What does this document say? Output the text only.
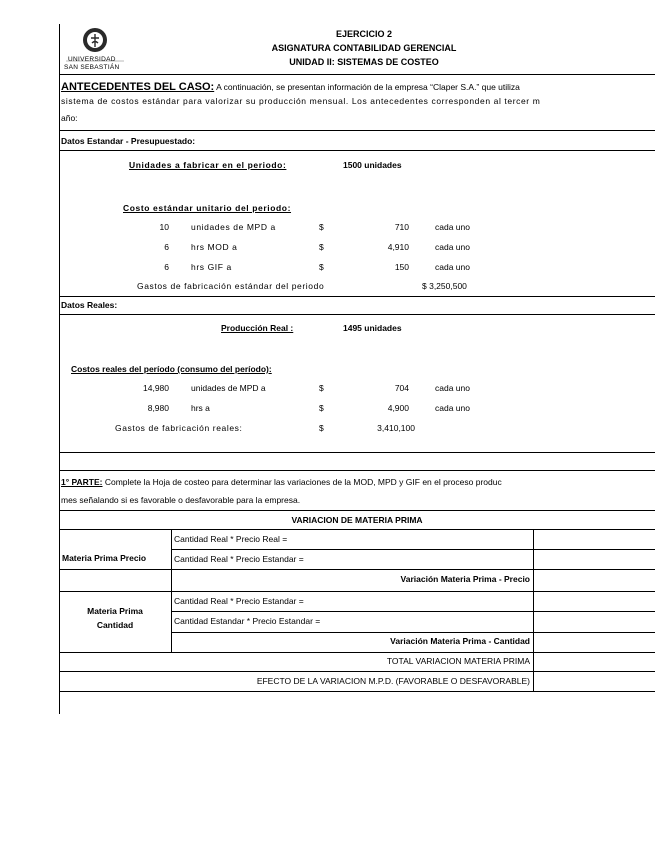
UNIVERSIDAD
SAN SEBASTIÁN
EJERCICIO 2
ASIGNATURA CONTABILIDAD GERENCIAL
UNIDAD II: SISTEMAS DE COSTEO
ANTECEDENTES DEL CASO: A continuación, se presentan información de la empresa “Claper S.A.” que utiliza
sistema de costos estándar para valorizar su producción mensual. Los antecedentes corresponden al tercer m
año:
Datos Estandar - Presupuestado:
Unidades a fabricar en el periodo:	1500 unidades
Costo estándar unitario del periodo:
10	unidades de MPD a	$	710	cada uno
6	hrs MOD a	$	4,910	cada uno
6	hrs GIF a	$	150	cada uno
Gastos de fabricación estándar del periodo	$ 3,250,500
Datos Reales:
Producción Real :	1495 unidades
Costos reales del período (consumo del período):
14,980	unidades de MPD a	$	704	cada uno
8,980	hrs a	$	4,900	cada uno
Gastos de fabricación reales:	$	3,410,100
1° PARTE: Complete la Hoja de costeo para determinar las variaciones de la MOD, MPD y GIF en el proceso produc
mes señalando si es favorable o desfavorable para la empresa.
VARIACION DE MATERIA PRIMA
Materia Prima Precio
Cantidad Real * Precio Real =
Cantidad Real * Precio Estandar =
Variación Materia Prima - Precio
Materia Prima
Cantidad
Cantidad Real * Precio Estandar =
Cantidad Estandar * Precio Estandar =
Variación Materia Prima - Cantidad
TOTAL VARIACION MATERIA PRIMA
EFECTO DE LA VARIACION M.P.D. (FAVORABLE O DESFAVORABLE)
